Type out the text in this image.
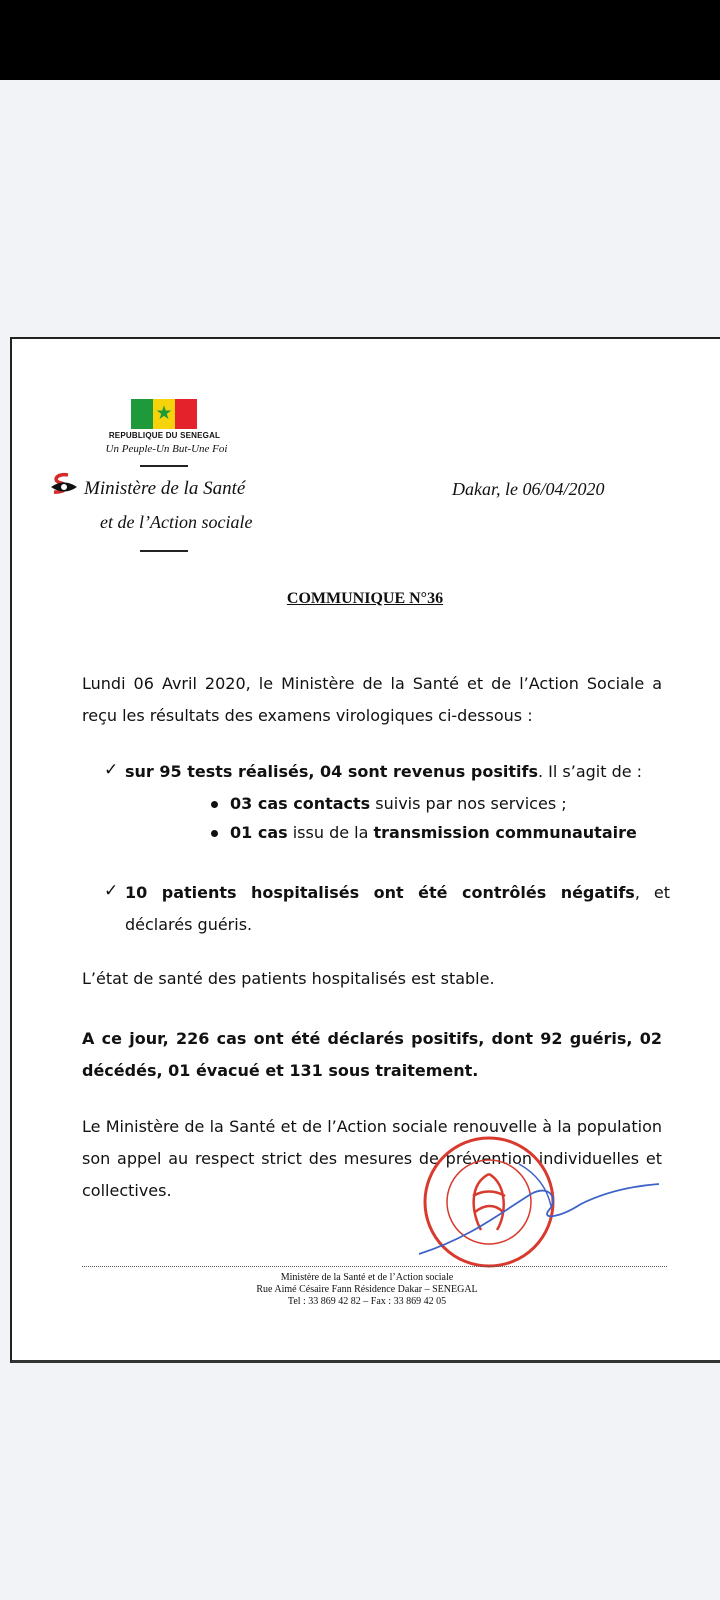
★
REPUBLIQUE DU SENEGAL
Un Peuple-Un But-Une Foi
Ministère de la Santé
et de l’Action sociale
Dakar, le 06/04/2020
COMMUNIQUE N°36
Lundi 06 Avril 2020, le Ministère de la Santé et de l’Action Sociale a reçu les résultats des examens virologiques ci-dessous :
✓ sur 95 tests réalisés, 04 sont revenus positifs. Il s’agit de :
03 cas contacts suivis par nos services ;
01 cas issu de la transmission communautaire
✓ 10 patients hospitalisés ont été contrôlés négatifs, et déclarés guéris.
L’état de santé des patients hospitalisés est stable.
A ce jour, 226 cas ont été déclarés positifs, dont 92 guéris, 02 décédés, 01 évacué et 131 sous traitement.
Le Ministère de la Santé et de l’Action sociale renouvelle à la population son appel au respect strict des mesures de prévention individuelles et collectives.
Ministère de la Santé et de l’Action sociale
Rue Aimé Césaire Fann Résidence Dakar – SENEGAL
Tel : 33 869 42 82 – Fax : 33 869 42 05
